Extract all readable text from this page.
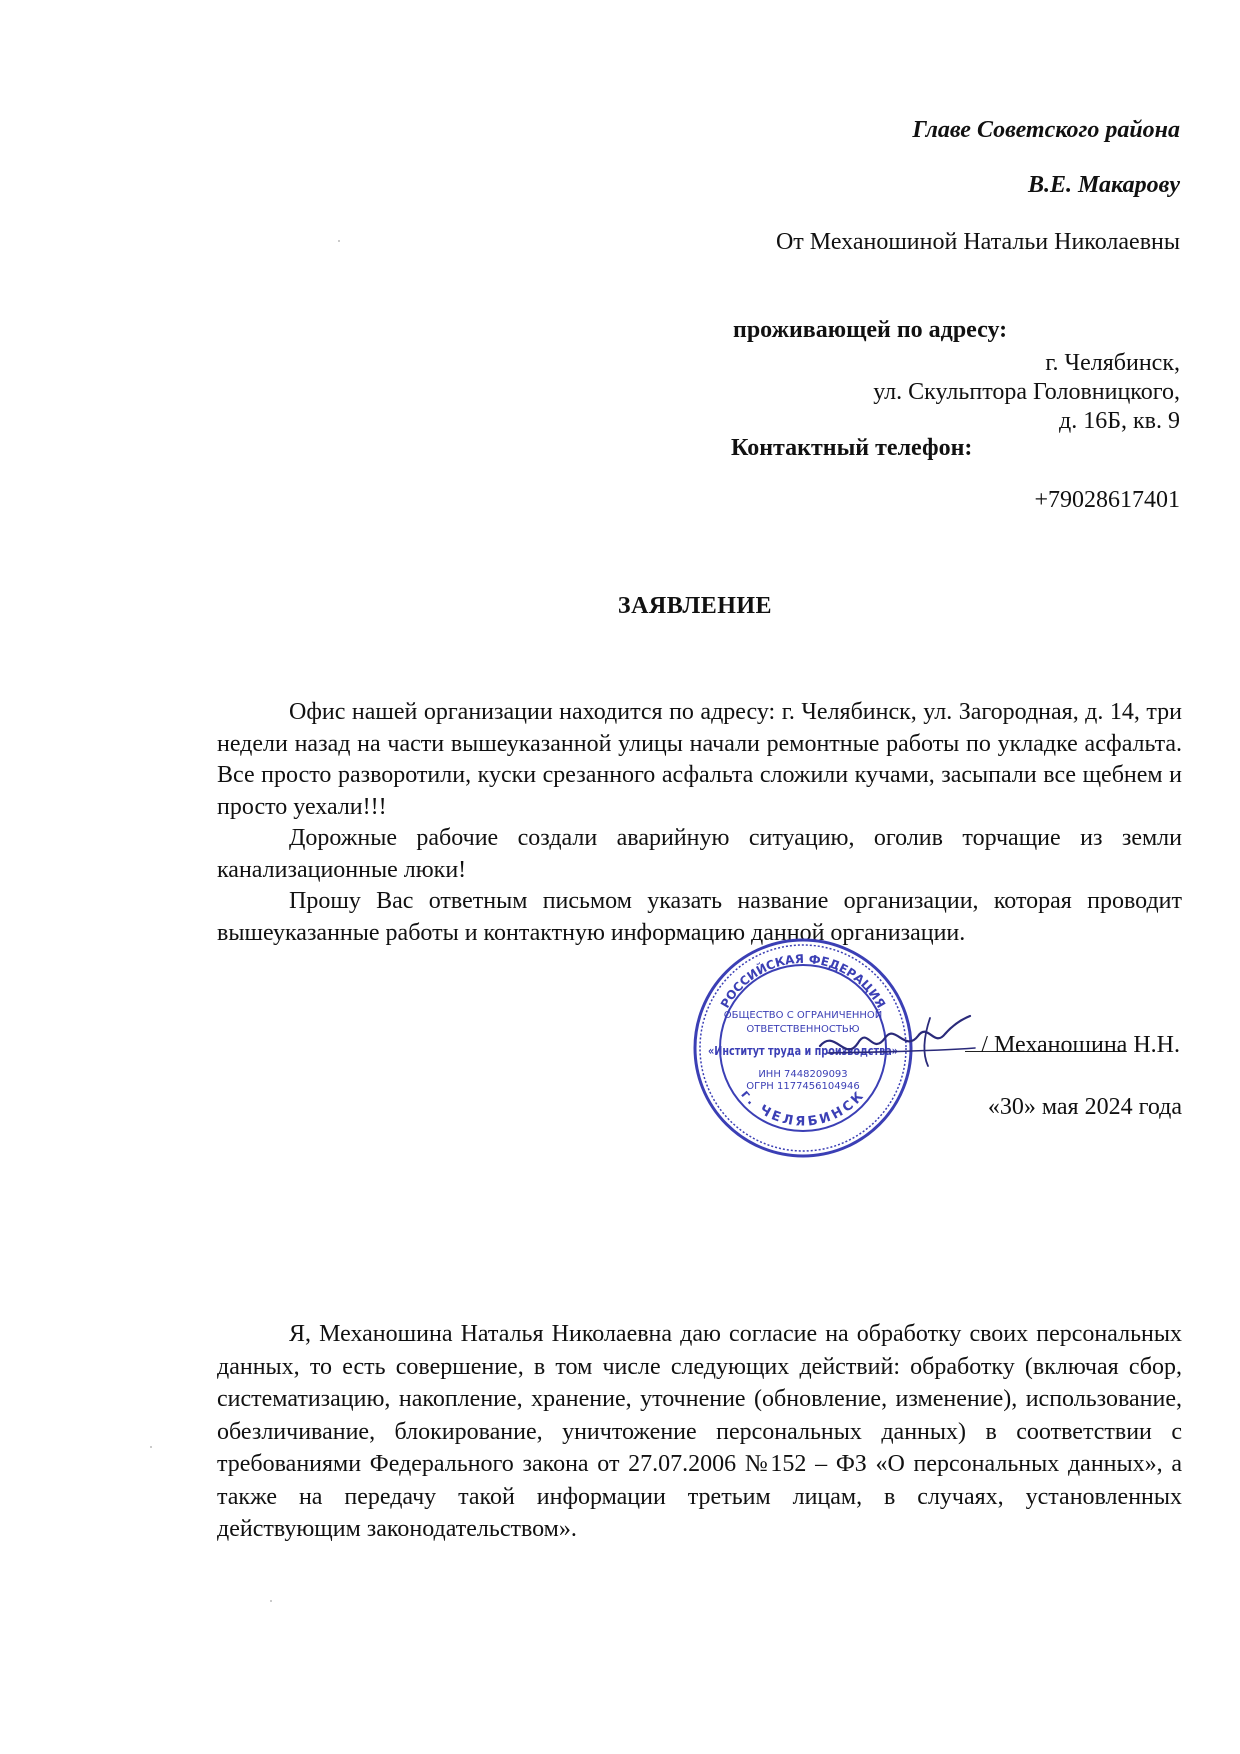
Главе Советского района
В.Е. Макарову
От Механошиной Натальи Николаевны
проживающей по адресу:
г. Челябинск,
ул. Скульптора Головницкого,
д. 16Б, кв. 9
Контактный телефон:
+79028617401
ЗАЯВЛЕНИЕ

Офис нашей организации находится по адресу: г. Челябинск, ул. Загородная, д. 14, три недели назад на части вышеуказанной улицы начали ремонтные работы по укладке асфальта. Все просто разворотили, куски срезанного асфальта сложили кучами, засыпали все щебнем и просто уехали!!!

Дорожные рабочие создали аварийную ситуацию, оголив торчащие из земли канализационные люки!

Прошу Вас ответным письмом указать название организации, которая проводит вышеуказанные работы и контактную информацию данной организации.

/ Механошина Н.Н.
«30» мая 2024 года
РОССИЙСКАЯ ФЕДЕРАЦИЯ
г. ЧЕЛЯБИНСК
ОБЩЕСТВО С ОГРАНИЧЕННОЙ
ОТВЕТСТВЕННОСТЬЮ
«Институт труда и производства»
ИНН 7448209093
ОГРН 1177456104946
Я, Механошина Наталья Николаевна даю согласие на обработку своих персональных данных, то есть совершение, в том числе следующих действий: обработку (включая сбор, систематизацию, накопление, хранение, уточнение (обновление, изменение), использование, обезличивание, блокирование, уничтожение персональных данных) в соответствии с требованиями Федерального закона от 27.07.2006 №152 – ФЗ «О персональных данных», а также на передачу такой информации третьим лицам, в случаях, установленных действующим законодательством».
